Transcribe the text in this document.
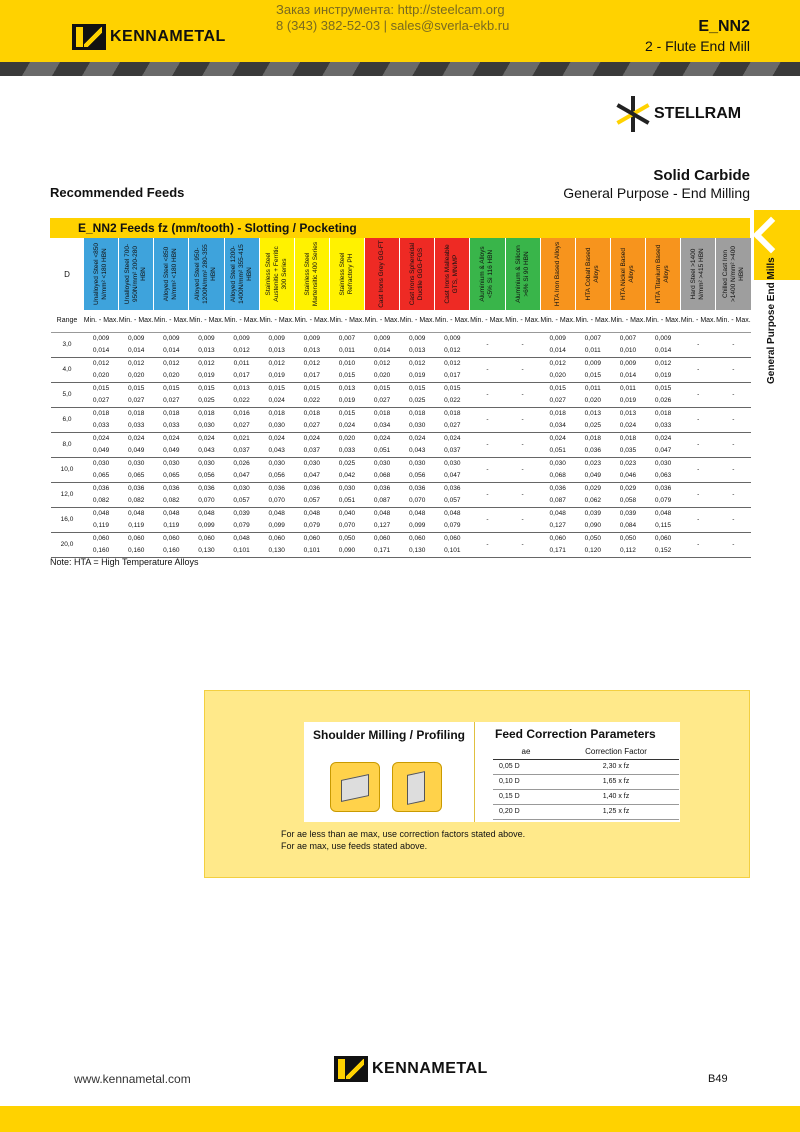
KENNAMETAL
Заказ инструмента: http://steelcam.org
8 (343) 382-52-03 | sales@sverla-ekb.ru	E_NN2
2 - Flute End Mill
STELLRAM
Solid Carbide
General Purpose - End Milling
Recommended Feeds
General Purpose End Mills
E_NN2 Feeds fz (mm/tooth) - Slotting / Pocketing
D	Unalloyed Steel <850 N/mm² <180 HBN	Unalloyed Steel 700-950N/mm² 200-280 HBN	Alloyed Steel <850 N/mm² <180 HBN	Alloyed Steel 950-1200N/mm² 280-355 HBN	Alloyed Steel 1200-1400N/mm² 355-415 HBN	Stainless Steel Austenitic + Ferritic 300 Series	Stainless Steel Martensitic 400 Series	Stainless Steel Refractory PH	Cast Irons Grey GG-FT	Cast Irons Spheroidal Ductile GGG-FGS	Cast Irons Malleable GTS, MN/MP	Aluminium & Alloys <5% Si 116 HBN	Aluminium & Silicon >6% Si 90 HBN	HTA Iron Based Alloys	HTA Cobalt Based Alloys	HTA Nickel Based Alloys	HTA Titanium Based Alloys	Hard Steel >1400 N/mm² >415 HBN	Chilled Cast Iron >1400 N/mm² >400 HBN

Range	Min. - Max.	Min. - Max.	Min. - Max.	Min. - Max.	Min. - Max.	Min. - Max.	Min. - Max.	Min. - Max.	Min. - Max.	Min. - Max.	Min. - Max.	Min. - Max.	Min. - Max.	Min. - Max.	Min. - Max.	Min. - Max.	Min. - Max.	Min. - Max.	Min. - Max.
3,0	0,009	0,009	0,009	0,009	0,009	0,009	0,009	0,007	0,009	0,009	0,009	-	-	0,009	0,007	0,007	0,009	-	-
	0,014	0,014	0,014	0,013	0,012	0,013	0,013	0,011	0,014	0,013	0,012			0,014	0,011	0,010	0,014		
4,0	0,012	0,012	0,012	0,012	0,011	0,012	0,012	0,010	0,012	0,012	0,012	-	-	0,012	0,009	0,009	0,012	-	-
	0,020	0,020	0,020	0,019	0,017	0,019	0,017	0,015	0,020	0,019	0,017			0,020	0,015	0,014	0,019		
5,0	0,015	0,015	0,015	0,015	0,013	0,015	0,015	0,013	0,015	0,015	0,015	-	-	0,015	0,011	0,011	0,015	-	-
	0,027	0,027	0,027	0,025	0,022	0,024	0,022	0,019	0,027	0,025	0,022			0,027	0,020	0,019	0,026		
6,0	0,018	0,018	0,018	0,018	0,016	0,018	0,018	0,015	0,018	0,018	0,018	-	-	0,018	0,013	0,013	0,018	-	-
	0,033	0,033	0,033	0,030	0,027	0,030	0,027	0,024	0,034	0,030	0,027			0,034	0,025	0,024	0,033		
8,0	0,024	0,024	0,024	0,024	0,021	0,024	0,024	0,020	0,024	0,024	0,024	-	-	0,024	0,018	0,018	0,024	-	-
	0,049	0,049	0,049	0,043	0,037	0,043	0,037	0,033	0,051	0,043	0,037			0,051	0,036	0,035	0,047		
10,0	0,030	0,030	0,030	0,030	0,026	0,030	0,030	0,025	0,030	0,030	0,030	-	-	0,030	0,023	0,023	0,030	-	-
	0,065	0,065	0,065	0,056	0,047	0,056	0,047	0,042	0,068	0,056	0,047			0,068	0,049	0,046	0,063		
12,0	0,036	0,036	0,036	0,036	0,030	0,036	0,036	0,030	0,036	0,036	0,036	-	-	0,036	0,029	0,029	0,036	-	-
	0,082	0,082	0,082	0,070	0,057	0,070	0,057	0,051	0,087	0,070	0,057			0,087	0,062	0,058	0,079		
16,0	0,048	0,048	0,048	0,048	0,039	0,048	0,048	0,040	0,048	0,048	0,048	-	-	0,048	0,039	0,039	0,048	-	-
	0,119	0,119	0,119	0,099	0,079	0,099	0,079	0,070	0,127	0,099	0,079			0,127	0,090	0,084	0,115		
20,0	0,060	0,060	0,060	0,060	0,048	0,060	0,060	0,050	0,060	0,060	0,060	-	-	0,060	0,050	0,050	0,060	-	-
	0,160	0,160	0,160	0,130	0,101	0,130	0,101	0,090	0,171	0,130	0,101			0,171	0,120	0,112	0,152		
Note: HTA = High Temperature Alloys
Shoulder Milling / Profiling	Feed Correction Parameters
ae	Correction Factor
0,05 D	2,30 x fz
0,10 D	1,65 x fz
0,15 D	1,40 x fz
0,20 D	1,25 x fz
For ae less than ae max, use correction factors stated above.
For ae max, use feeds stated above.
www.kennametal.com
KENNAMETAL
B49
